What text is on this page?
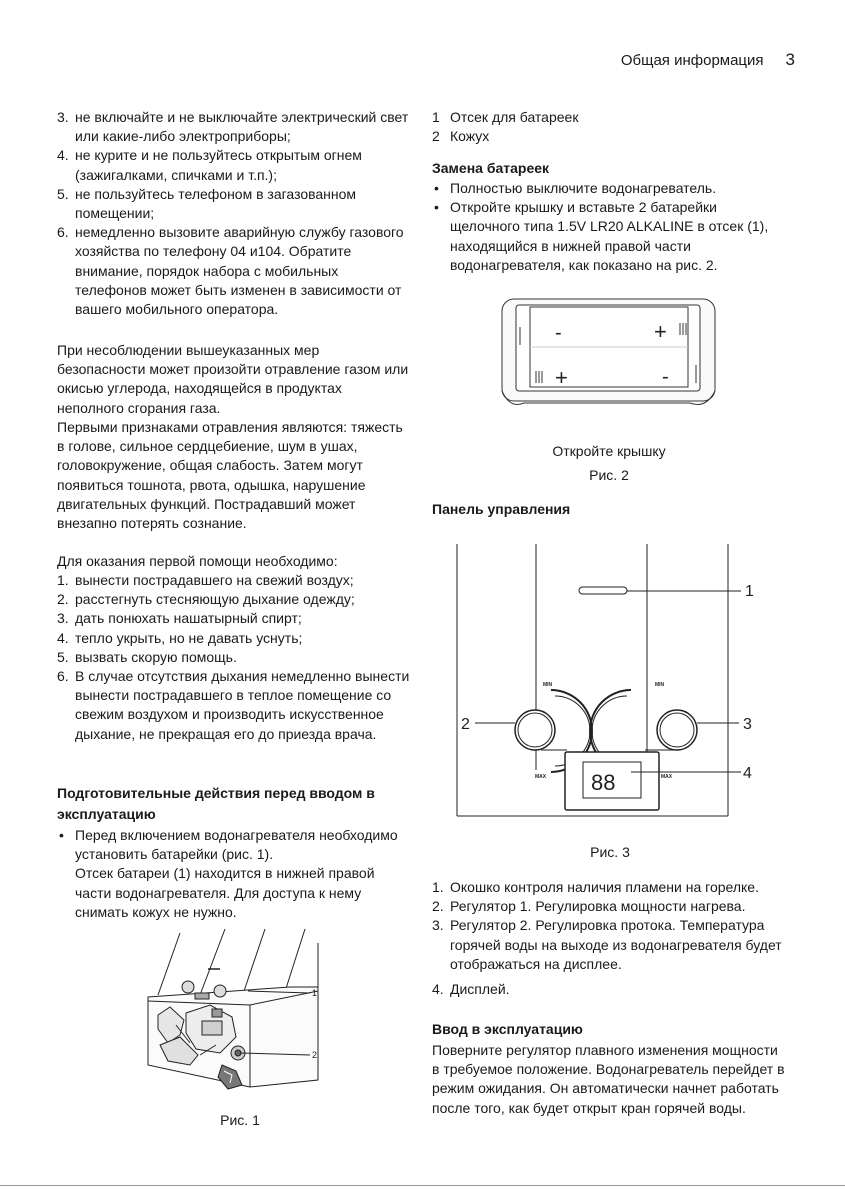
Общая информация 3
3. не включайте и не выключайте электрический свет или какие-либо электроприборы;
4. не курите и не пользуйтесь открытым огнем (зажигалками, спичками и т.п.);
5. не пользуйтесь телефоном в загазованном помещении;
6. немедленно вызовите аварийную службу газового хозяйства по телефону 04 и104. Обратите внимание, порядок набора с мобильных телефонов может быть изменен в зависимости от вашего мобильного оператора.

При несоблюдении вышеуказанных мер безопасности может произойти отравление газом или окисью углерода, находящейся в продуктах неполного сгорания газа.

Первыми признаками отравления являются: тяжесть в голове, сильное сердцебиение, шум в ушах, головокружение, общая слабость. Затем могут появиться тошнота, рвота, одышка, нарушение двигательных функций. Пострадавший может внезапно потерять сознание.

Для оказания первой помощи необходимо:

1. вынести пострадавшего на свежий воздух;
2. расстегнуть стесняющую дыхание одежду;
3. дать понюхать нашатырный спирт;
4. тепло укрыть, но не давать уснуть;
5. вызвать скорую помощь.
6. В случае отсутствия дыхания немедленно вынести вынести пострадавшего в теплое помещение со свежим воздухом и производить искусственное дыхание, не прекращая его до приезда врача.

Подготовительные действия перед вводом в эксплуатацию

• Перед включением водонагревателя необходимо установить батарейки (рис. 1).

Отсек батареи (1) находится в нижней правой части водонагревателя. Для доступа к нему снимать кожух не нужно.

1
2
Рис. 1
1 Отсек для батареек
2 Кожух

Замена батареек

• Полностью выключите водонагреватель.
• Откройте крышку и вставьте 2 батарейки щелочного типа 1.5V LR20 ALKALINE в отсек (1), находящийся в нижней правой части водонагревателя, как показано на рис. 2.
-	+
+	-
Откройте крышку
Рис. 2

Панель управления

1
2	3
4
MIN	MIN
MAX	MAX
88
Рис. 3
1. Окошко контроля наличия пламени на горелке.
2. Регулятор 1. Регулировка мощности нагрева.
3. Регулятор 2. Регулировка протока. Температура горячей воды на выходе из водонагревателя будет отображаться на дисплее.
4. Дисплей.

Ввод в эксплуатацию

Поверните регулятор плавного изменения мощности в требуемое положение. Водонагреватель перейдет в режим ожидания. Он автоматически начнет работать после того, как будет открыт кран горячей воды.
